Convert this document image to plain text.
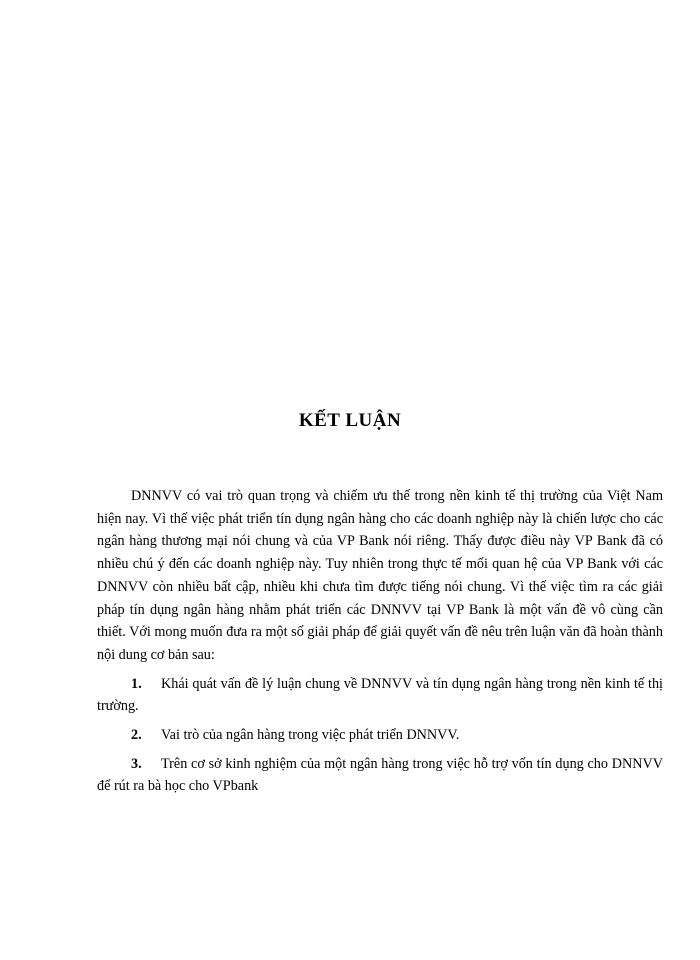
KẾT LUẬN

DNNVV có vai trò quan trọng và chiếm ưu thế trong nền kinh tế thị trường của Việt Nam hiện nay. Vì thế việc phát triển tín dụng ngân hàng cho các doanh nghiệp này là chiến lược cho các ngân hàng thương mại nói chung và của VP Bank nói riêng. Thấy được điều này VP Bank đã có nhiều chú ý đến các doanh nghiệp này. Tuy nhiên trong thực tế mối quan hệ của VP Bank với các DNNVV còn nhiều bất cập, nhiều khi chưa tìm được tiếng nói chung. Vì thế việc tìm ra các giải pháp tín dụng ngân hàng nhằm phát triển các DNNVV tại VP Bank là một vấn đề vô cùng cần thiết. Với mong muốn đưa ra một số giải pháp để giải quyết vấn đề nêu trên luận văn đã hoàn thành nội dung cơ bản sau:

1. Khái quát vấn đề lý luận chung về DNNVV và tín dụng ngân hàng trong nền kinh tế thị trường.

2. Vai trò của ngân hàng trong việc phát triển DNNVV.

3. Trên cơ sở kinh nghiệm của một ngân hàng trong việc hỗ trợ vốn tín dụng cho DNNVV để rút ra bà học cho VPbank
